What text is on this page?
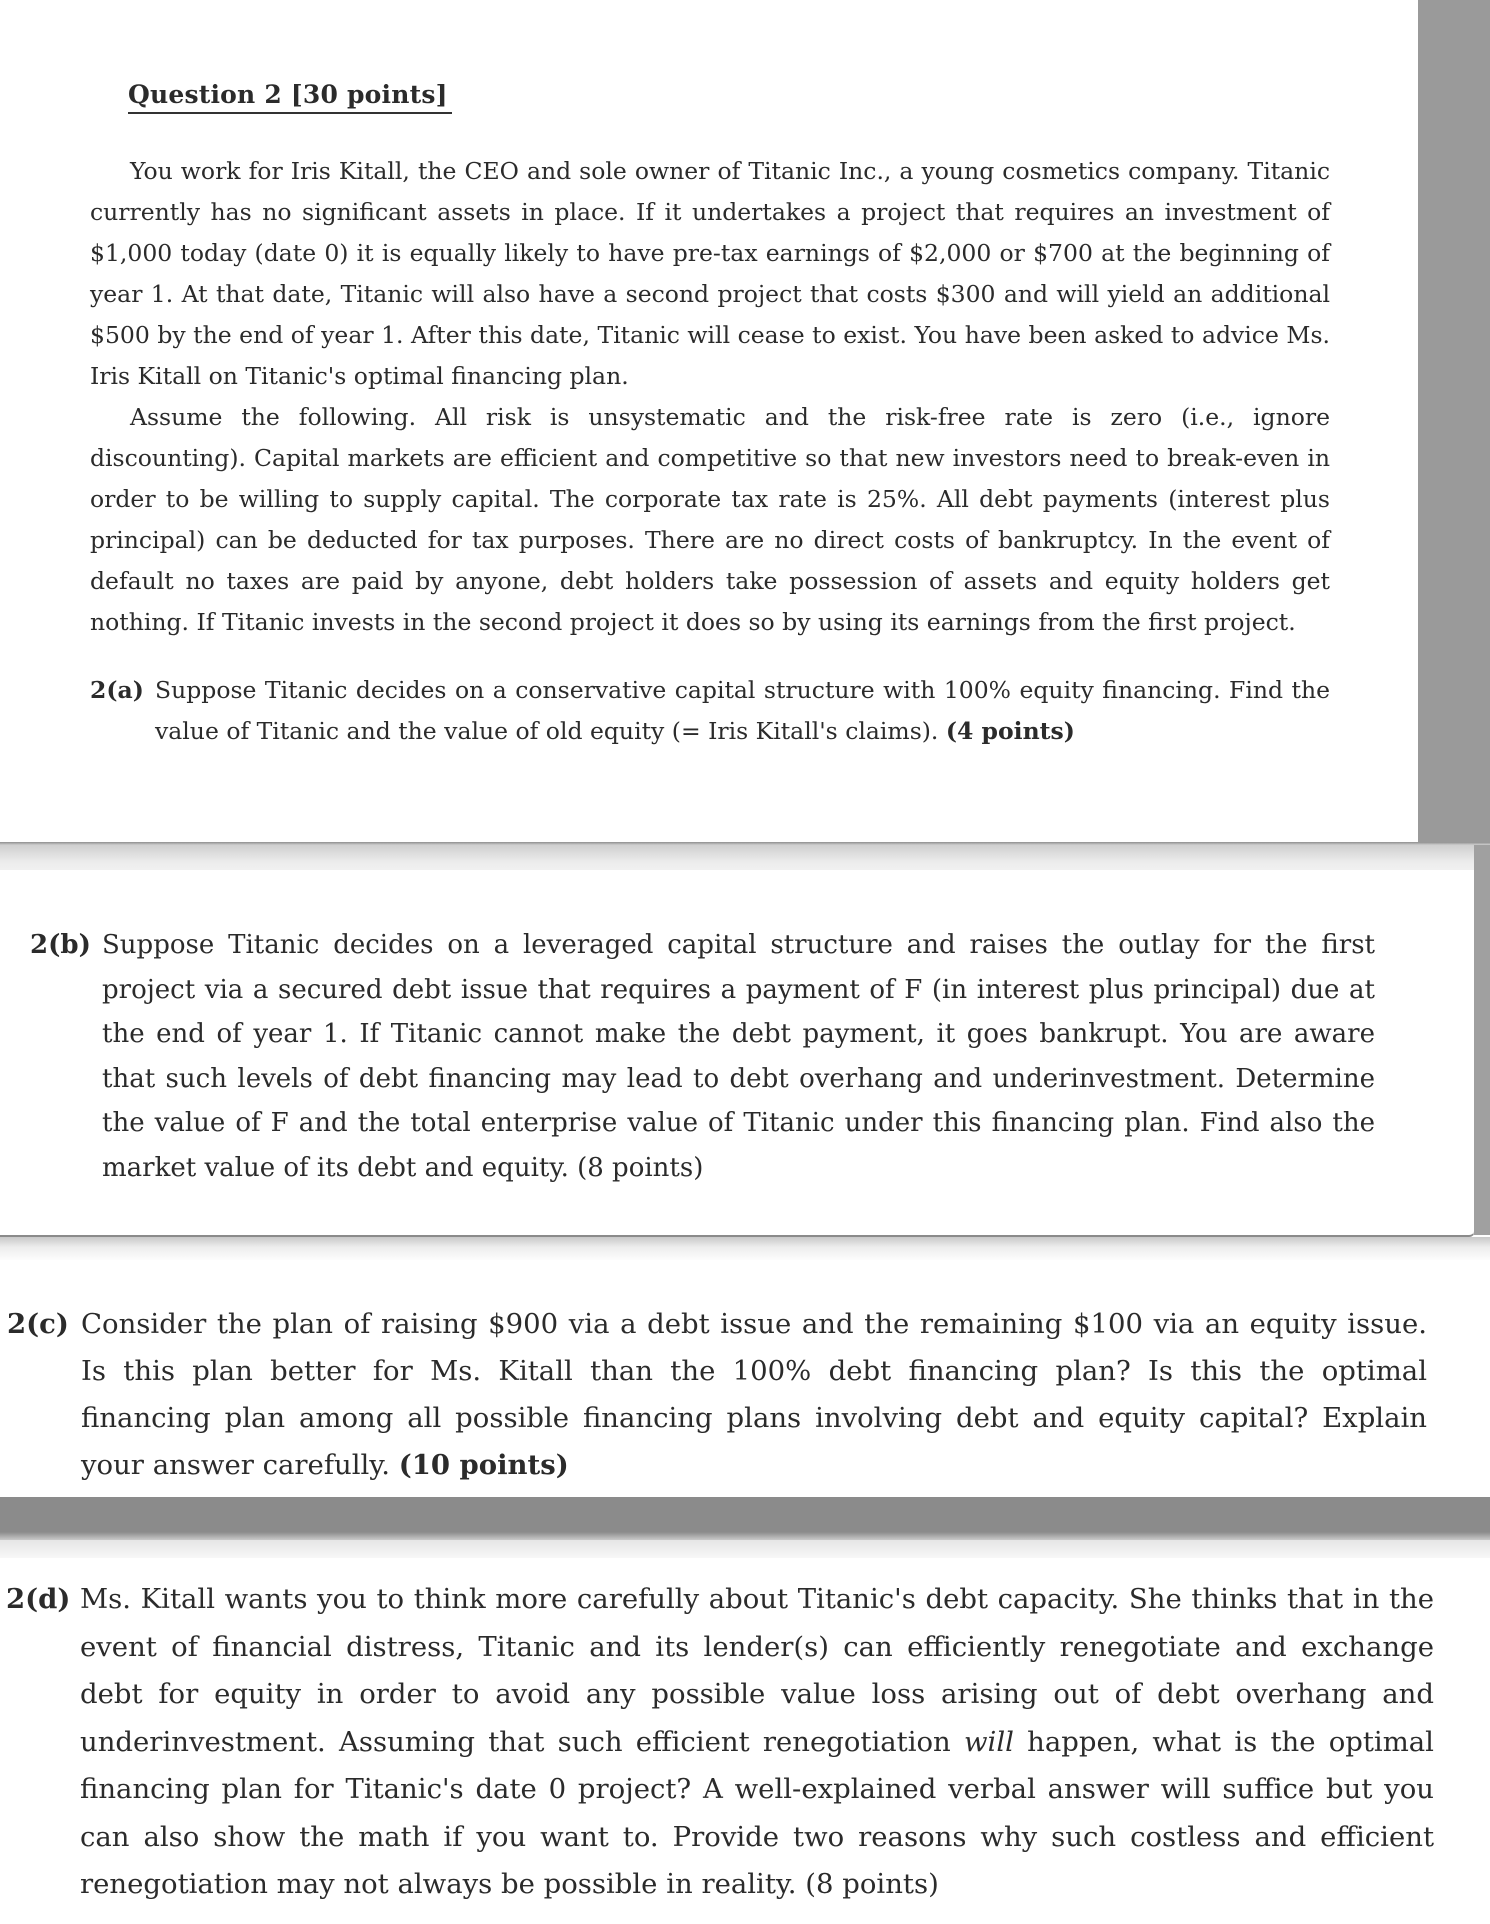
Question 2 [30 points]

You work for Iris Kitall, the CEO and sole owner of Titanic Inc., a young cosmetics company. Titanic currently has no significant assets in place. If it undertakes a project that requires an investment of $1,000 today (date 0) it is equally likely to have pre-tax earnings of $2,000 or $700 at the beginning of year 1. At that date, Titanic will also have a second project that costs $300 and will yield an additional $500 by the end of year 1. After this date, Titanic will cease to exist. You have been asked to advice Ms. Iris Kitall on Titanic's optimal financing plan.

Assume the following. All risk is unsystematic and the risk-free rate is zero (i.e., ignore discounting). Capital markets are efficient and competitive so that new investors need to break-even in order to be willing to supply capital. The corporate tax rate is 25%. All debt payments (interest plus principal) can be deducted for tax purposes. There are no direct costs of bankruptcy. In the event of default no taxes are paid by anyone, debt holders take possession of assets and equity holders get nothing. If Titanic invests in the second project it does so by using its earnings from the first project.

2(a) Suppose Titanic decides on a conservative capital structure with 100% equity financing. Find the value of Titanic and the value of old equity (= Iris Kitall's claims). (4 points)
2(b) Suppose Titanic decides on a leveraged capital structure and raises the outlay for the first project via a secured debt issue that requires a payment of F (in interest plus principal) due at the end of year 1. If Titanic cannot make the debt payment, it goes bankrupt. You are aware that such levels of debt financing may lead to debt overhang and underinvestment. Determine the value of F and the total enterprise value of Titanic under this financing plan. Find also the market value of its debt and equity. (8 points)
2(c) Consider the plan of raising $900 via a debt issue and the remaining $100 via an equity issue. Is this plan better for Ms. Kitall than the 100% debt financing plan? Is this the optimal financing plan among all possible financing plans involving debt and equity capital? Explain your answer carefully. (10 points)
2(d) Ms. Kitall wants you to think more carefully about Titanic's debt capacity. She thinks that in the event of financial distress, Titanic and its lender(s) can efficiently renegotiate and exchange debt for equity in order to avoid any possible value loss arising out of debt overhang and underinvestment. Assuming that such efficient renegotiation will happen, what is the optimal financing plan for Titanic's date 0 project? A well-explained verbal answer will suffice but you can also show the math if you want to. Provide two reasons why such costless and efficient renegotiation may not always be possible in reality. (8 points)
